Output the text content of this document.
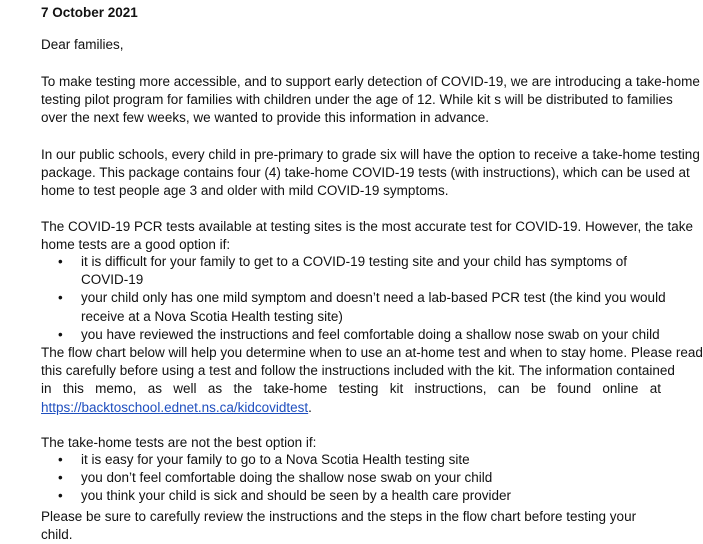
7 October 2021

Dear families,

To make testing more accessible, and to support early detection of COVID-19, we are introducing a take-home
testing pilot program for families with children under the age of 12. While kit s will be distributed to families
over the next few weeks, we wanted to provide this information in advance.

In our public schools, every child in pre-primary to grade six will have the option to receive a take-home testing
package. This package contains four (4) take-home COVID-19 tests (with instructions), which can be used at
home to test people age 3 and older with mild COVID-19 symptoms.

The COVID-19 PCR tests available at testing sites is the most accurate test for COVID-19. However, the take
home tests are a good option if:

• it is difficult for your family to get to a COVID-19 testing site and your child has symptoms of COVID-19
• your child only has one mild symptom and doesn’t need a lab-based PCR test (the kind you would
receive at a Nova Scotia Health testing site)
• you have reviewed the instructions and feel comfortable doing a shallow nose swab on your child

The flow chart below will help you determine when to use an at-home test and when to stay home. Please read
this carefully before using a test and follow the instructions included with the kit. The information contained
in this memo, as well as the take-home testing kit instructions, can be found online at
https://backtoschool.ednet.ns.ca/kidcovidtest.

The take-home tests are not the best option if:

• it is easy for your family to go to a Nova Scotia Health testing site
• you don’t feel comfortable doing the shallow nose swab on your child
• you think your child is sick and should be seen by a health care provider
Please be sure to carefully review the instructions and the steps in the flow chart before testing your child.
